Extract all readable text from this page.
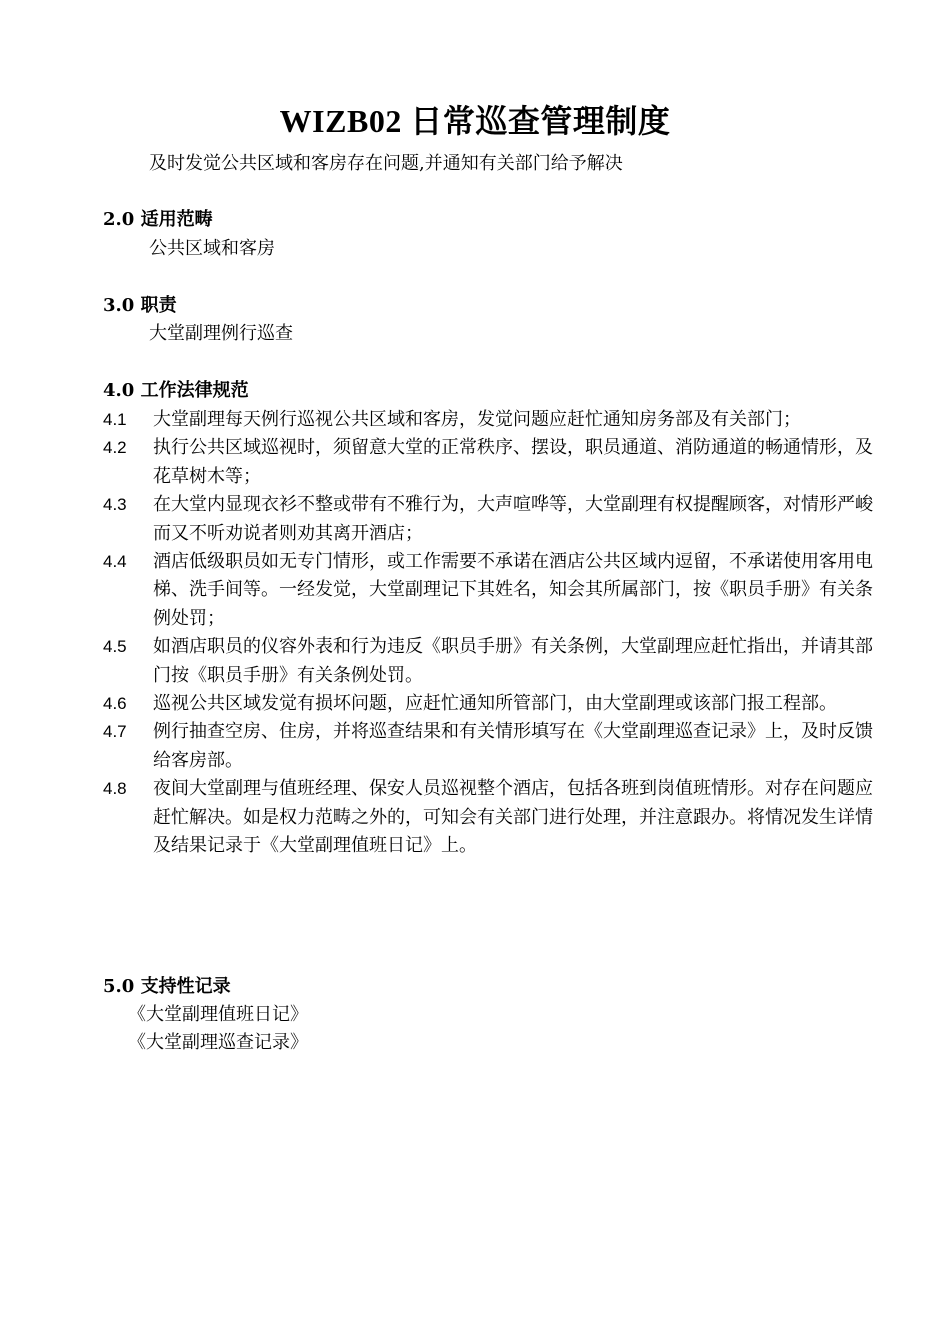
WIZB02 日常巡查管理制度
及时发觉公共区域和客房存在问题,并通知有关部门给予解决
2.0 适用范畴
公共区域和客房
3.0 职责
大堂副理例行巡查
4.0 工作法律规范
4.1	大堂副理每天例行巡视公共区域和客房，发觉问题应赶忙通知房务部及有关部门；
4.2	执行公共区域巡视时，须留意大堂的正常秩序、摆设，职员通道、消防通道的畅通情形，及花草树木等；
4.3	在大堂内显现衣衫不整或带有不雅行为，大声喧哗等，大堂副理有权提醒顾客，对情形严峻而又不听劝说者则劝其离开酒店；
4.4	酒店低级职员如无专门情形，或工作需要不承诺在酒店公共区域内逗留，不承诺使用客用电梯、洗手间等。一经发觉，大堂副理记下其姓名，知会其所属部门，按《职员手册》有关条例处罚；
4.5	如酒店职员的仪容外表和行为违反《职员手册》有关条例，大堂副理应赶忙指出，并请其部门按《职员手册》有关条例处罚。
4.6	巡视公共区域发觉有损坏问题，应赶忙通知所管部门，由大堂副理或该部门报工程部。
4.7	例行抽查空房、住房，并将巡查结果和有关情形填写在《大堂副理巡查记录》上，及时反馈给客房部。
4.8	夜间大堂副理与值班经理、保安人员巡视整个酒店，包括各班到岗值班情形。对存在问题应赶忙解决。如是权力范畴之外的，可知会有关部门进行处理，并注意跟办。将情况发生详情及结果记录于《大堂副理值班日记》上。
5.0 支持性记录
《大堂副理值班日记》
《大堂副理巡查记录》
